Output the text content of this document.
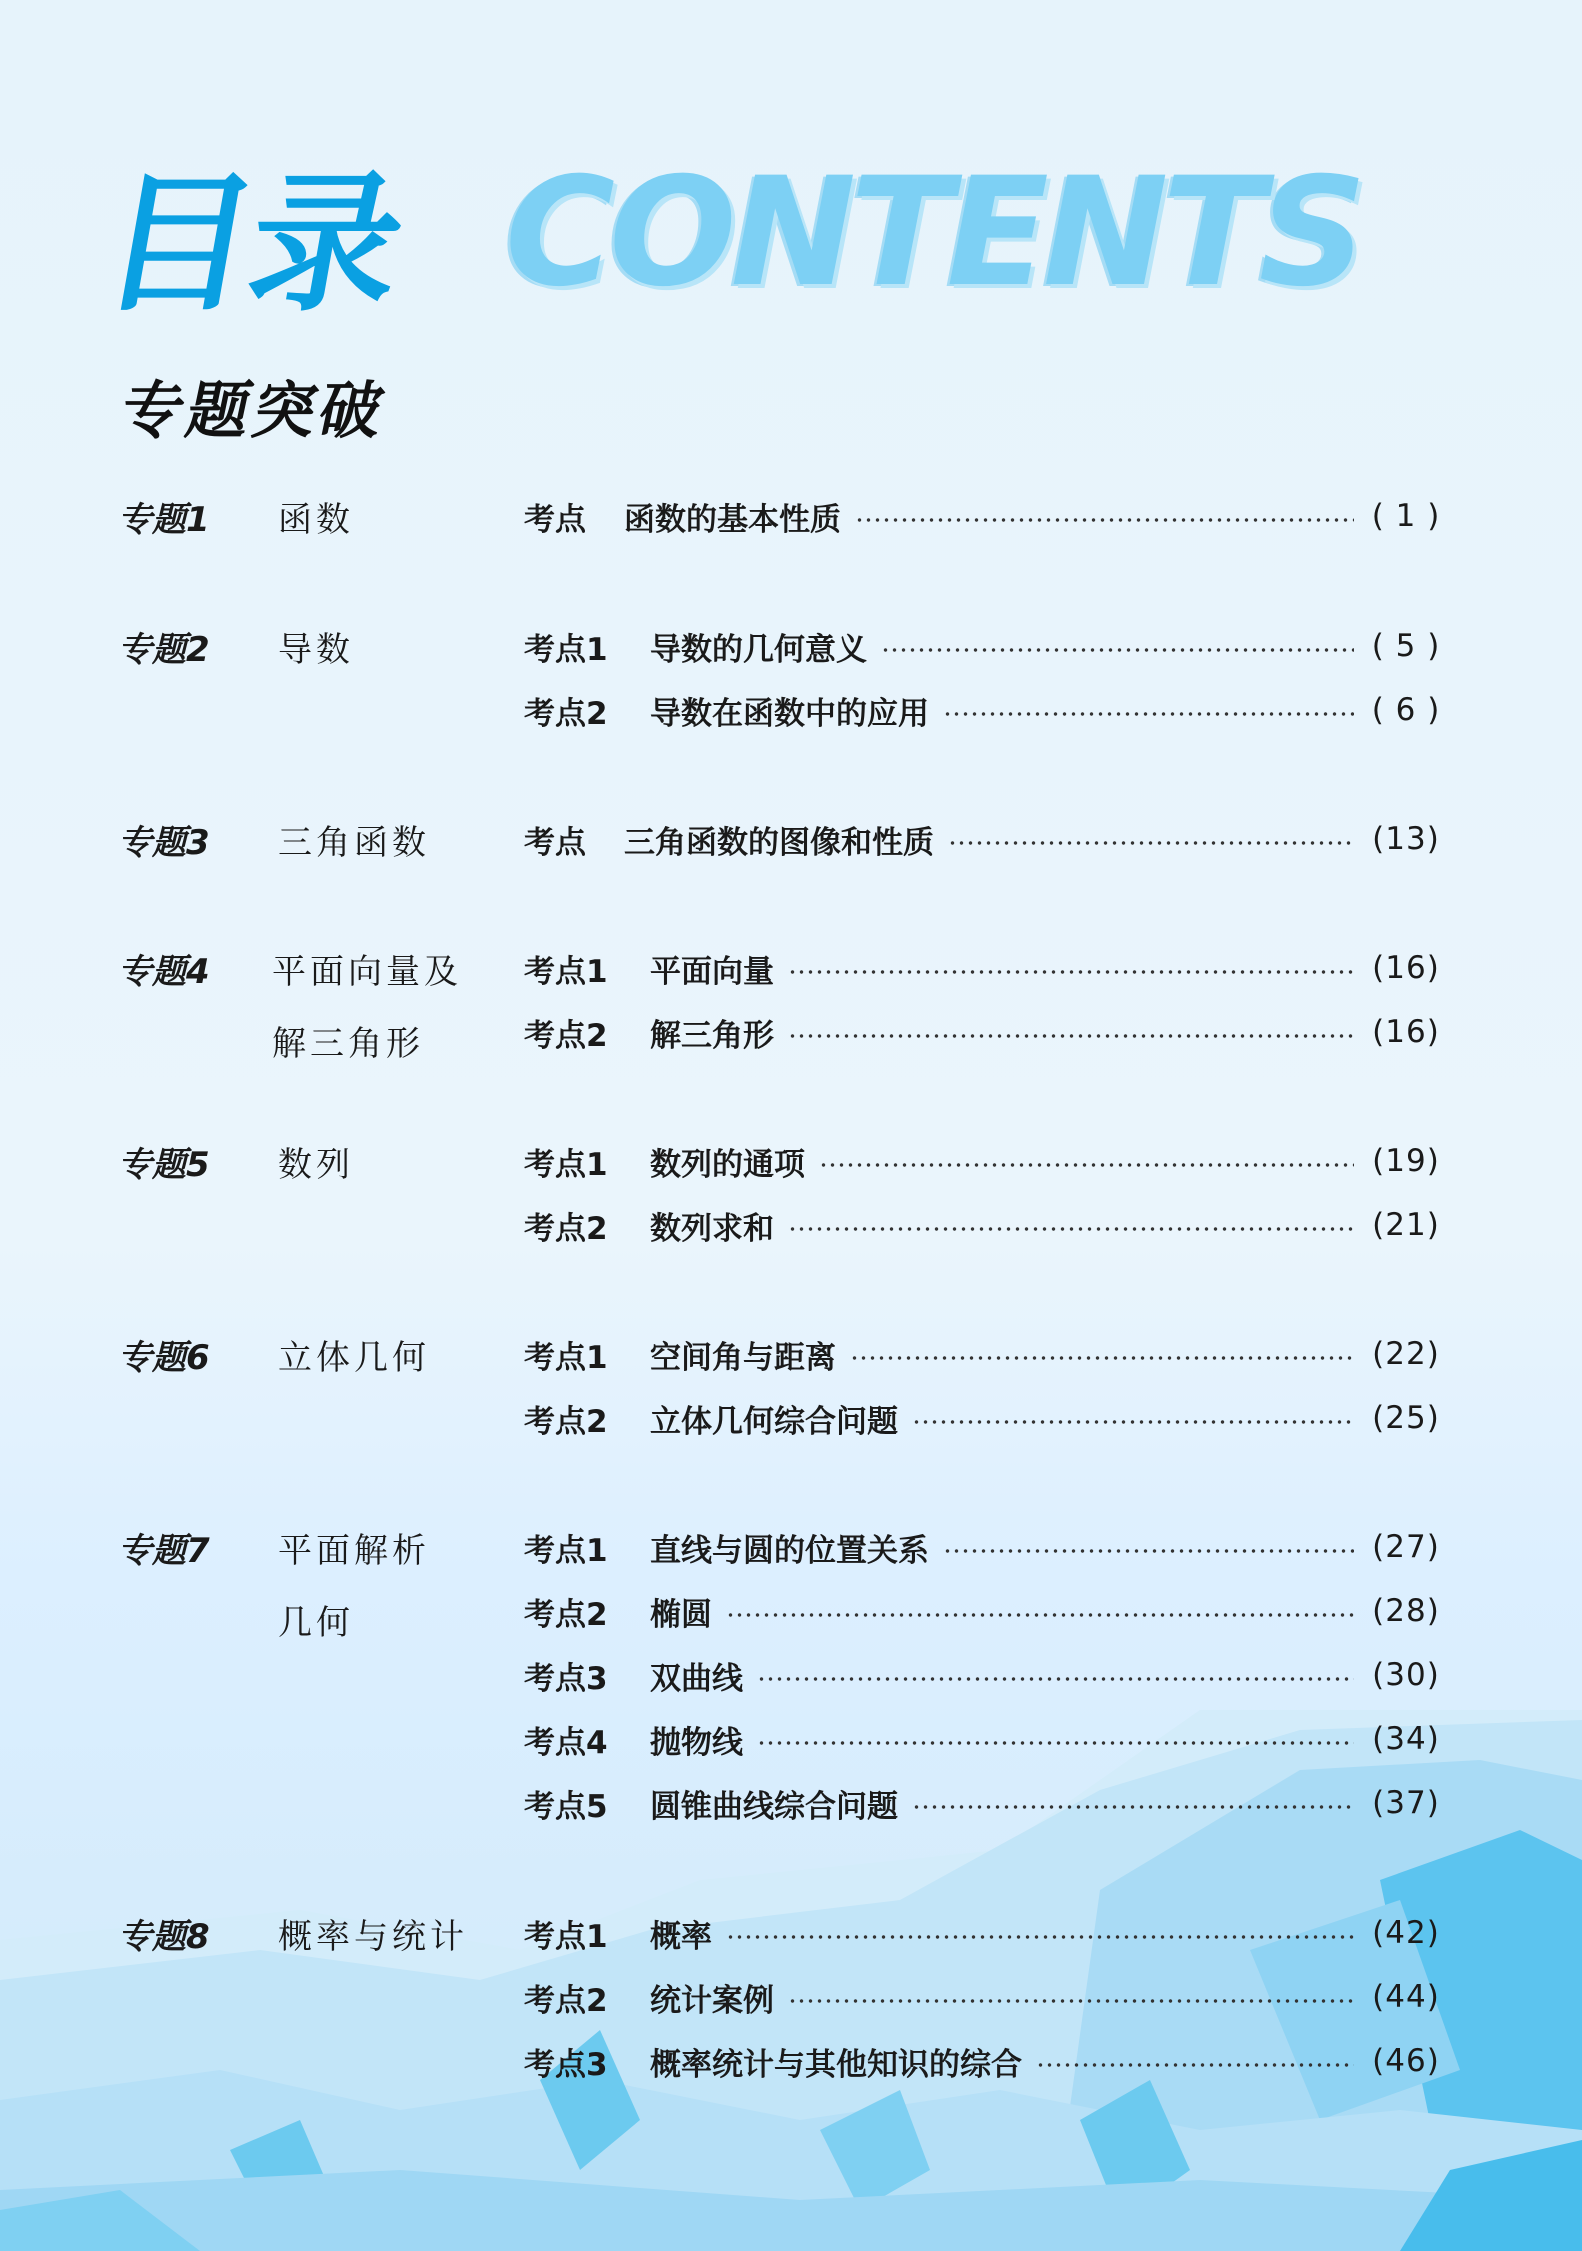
目录 CONTENTS
专题突破
专题1 函数	考点	函数的基本性质	( 1 )
专题2 导数	考点1	导数的几何意义	( 5 )
考点2	导数在函数中的应用	( 6 )
专题3 三角函数	考点	三角函数的图像和性质	(13)
专题4 平面向量及解三角形
考点1	平面向量	(16)
考点2	解三角形	(16)
专题5 数列	考点1	数列的通项	(19)
考点2	数列求和	(21)
专题6 立体几何	考点1	空间角与距离	(22)
考点2	立体几何综合问题	(25)
专题7 平面解析几何
考点1	直线与圆的位置关系	(27)
考点2	椭圆	(28)
考点3	双曲线	(30)
考点4	抛物线	(34)
考点5	圆锥曲线综合问题	(37)
专题8 概率与统计	考点1	概率	(42)
考点2	统计案例	(44)
考点3	概率统计与其他知识的综合	(46)
